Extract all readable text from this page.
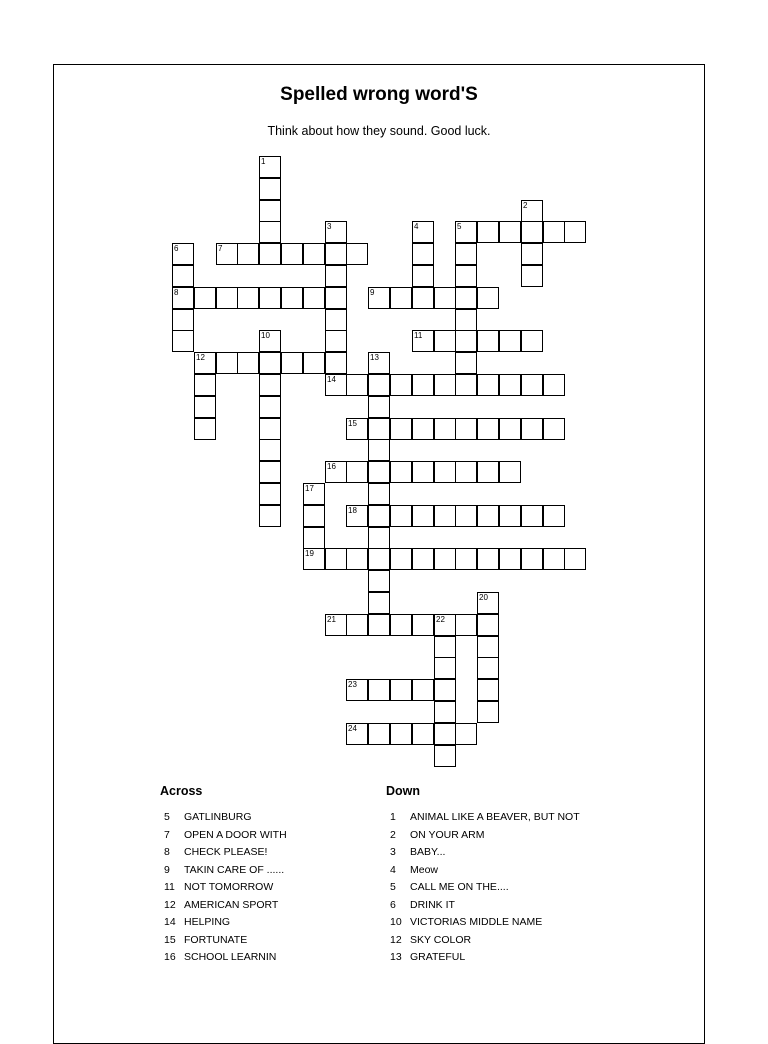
Spelled wrong word'S
Think about how they sound. Good luck.
1
2
3	4	5
6
8
7
9
10	11
12	13
14
15
16
17
19
18
20
21	22
23
24
Across
5 GATLINBURG
7 OPEN A DOOR WITH
8 CHECK PLEASE!
9 TAKIN CARE OF ......
11 NOT TOMORROW
12 AMERICAN SPORT
14 HELPING
15 FORTUNATE
16 SCHOOL LEARNIN
Down
1 ANIMAL LIKE A BEAVER, BUT NOT
2 ON YOUR ARM
3 BABY...
4 Meow
5 CALL ME ON THE....
6 DRINK IT
10 VICTORIAS MIDDLE NAME
12 SKY COLOR
13 GRATEFUL
